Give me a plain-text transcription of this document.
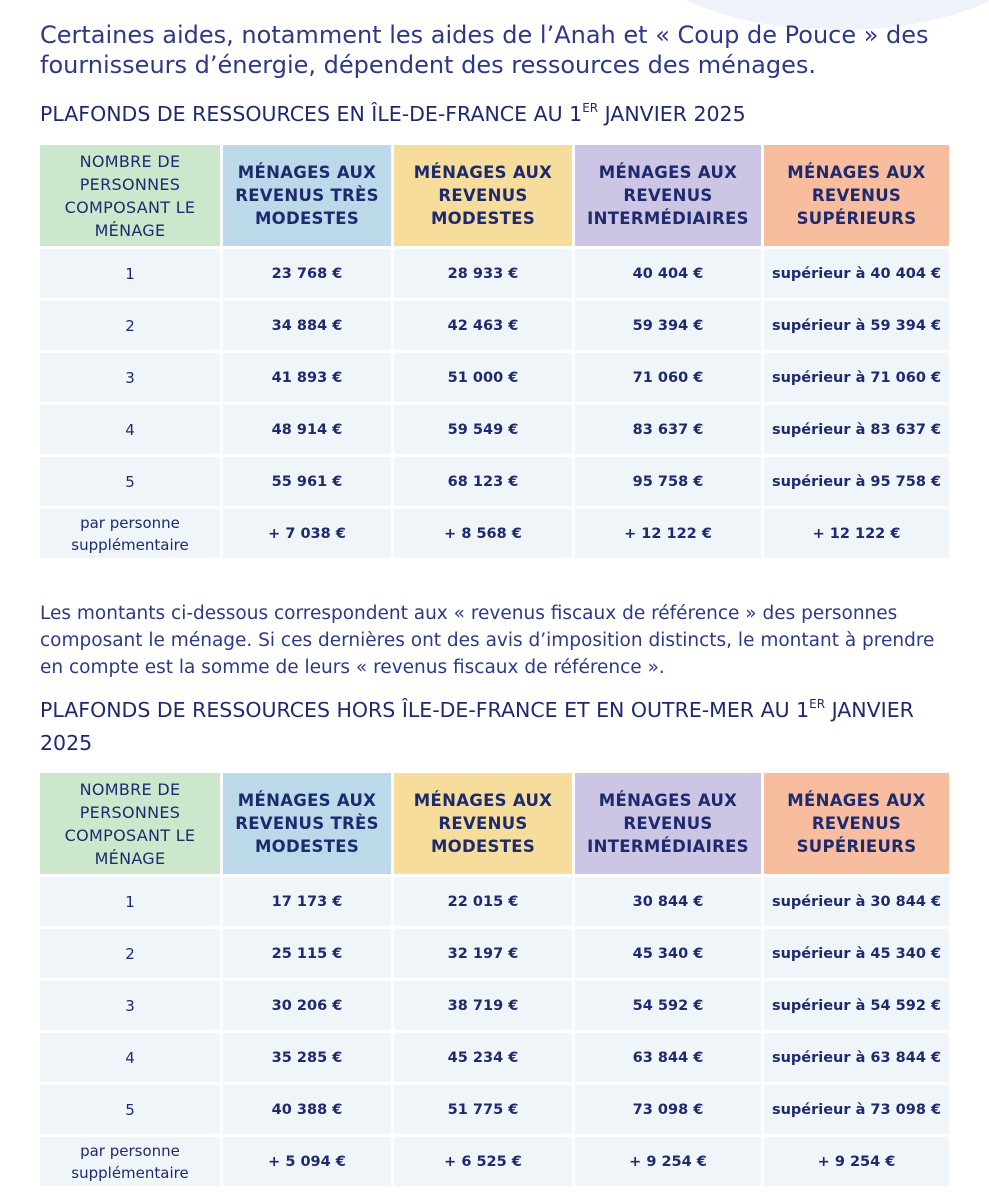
Certaines aides, notamment les aides de l’Anah et « Coup de Pouce » des fournisseurs d’énergie, dépendent des ressources des ménages.

PLAFONDS DE RESSOURCES EN ÎLE-DE-FRANCE AU 1ER JANVIER 2025
NOMBRE DE PERSONNES COMPOSANT LE MÉNAGE	MÉNAGES AUX REVENUS TRÈS MODESTES	MÉNAGES AUX REVENUS MODESTES	MÉNAGES AUX REVENUS INTERMÉDIAIRES	MÉNAGES AUX REVENUS SUPÉRIEURS
1	23 768 €	28 933 €	40 404 €	supérieur à 40 404 €
2	34 884 €	42 463 €	59 394 €	supérieur à 59 394 €
3	41 893 €	51 000 €	71 060 €	supérieur à 71 060 €
4	48 914 €	59 549 €	83 637 €	supérieur à 83 637 €
5	55 961 €	68 123 €	95 758 €	supérieur à 95 758 €
par personne supplémentaire	+ 7 038 €	+ 8 568 €	+ 12 122 €	+ 12 122 €

Les montants ci-dessous correspondent aux « revenus fiscaux de référence » des personnes composant le ménage. Si ces dernières ont des avis d’imposition distincts, le montant à prendre en compte est la somme de leurs « revenus fiscaux de référence ».

PLAFONDS DE RESSOURCES HORS ÎLE-DE-FRANCE ET EN OUTRE-MER AU 1ER JANVIER 2025
NOMBRE DE PERSONNES COMPOSANT LE MÉNAGE	MÉNAGES AUX REVENUS TRÈS MODESTES	MÉNAGES AUX REVENUS MODESTES	MÉNAGES AUX REVENUS INTERMÉDIAIRES	MÉNAGES AUX REVENUS SUPÉRIEURS
1	17 173 €	22 015 €	30 844 €	supérieur à 30 844 €
2	25 115 €	32 197 €	45 340 €	supérieur à 45 340 €
3	30 206 €	38 719 €	54 592 €	supérieur à 54 592 €
4	35 285 €	45 234 €	63 844 €	supérieur à 63 844 €
5	40 388 €	51 775 €	73 098 €	supérieur à 73 098 €
par personne supplémentaire	+ 5 094 €	+ 6 525 €	+ 9 254 €	+ 9 254 €
